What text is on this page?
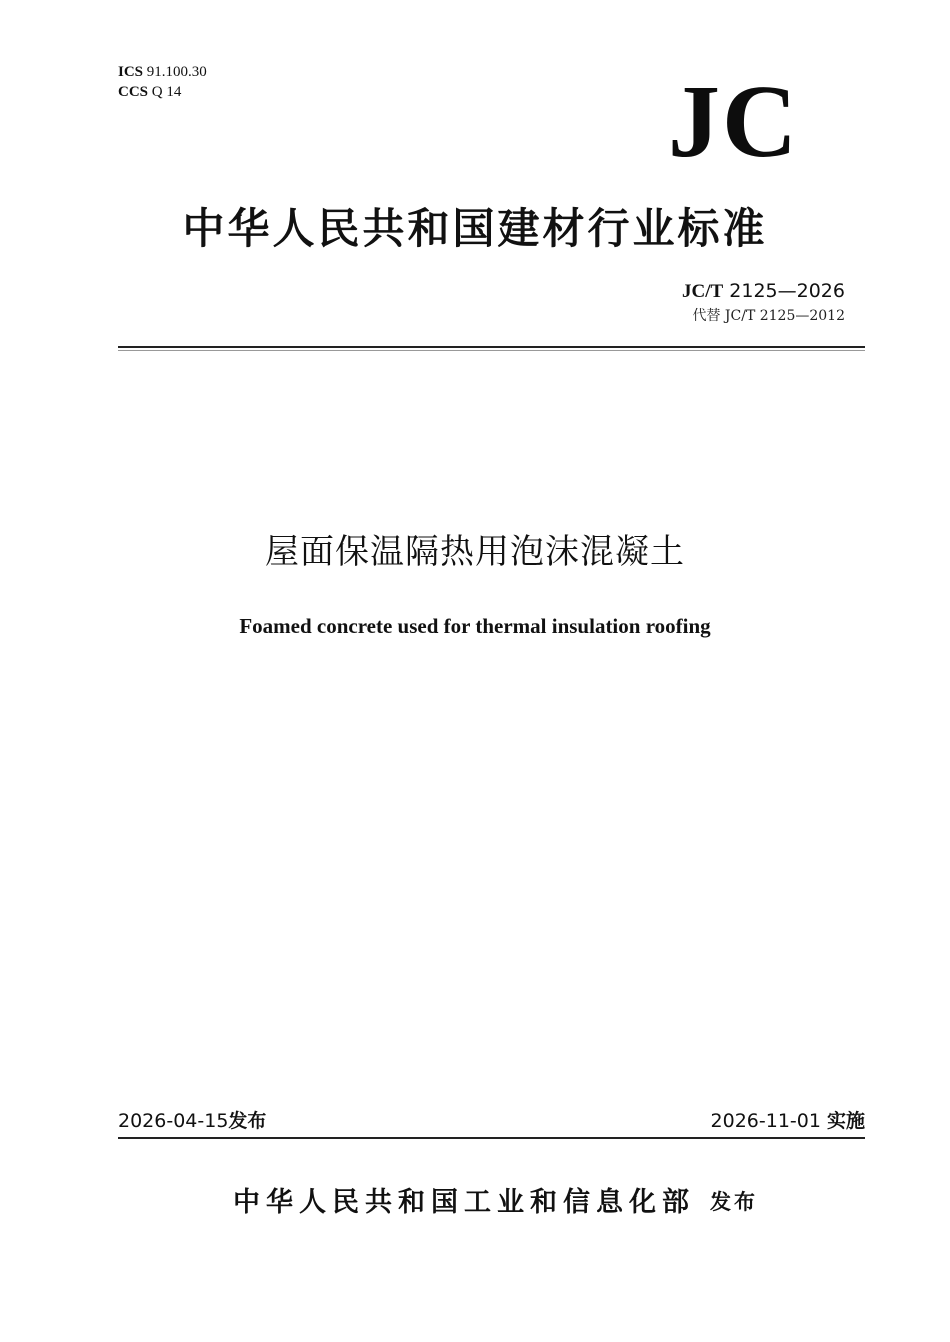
ICS 91.100.30
CCS Q 14	JC
中华人民共和国建材行业标准
JC/T 2125—2026
代替 JC/T 2125—2012
屋面保温隔热用泡沫混凝土
Foamed concrete used for thermal insulation roofing
2026-04-15发布	2026-11-01 实施
中华人民共和国工业和信息化部 发布
